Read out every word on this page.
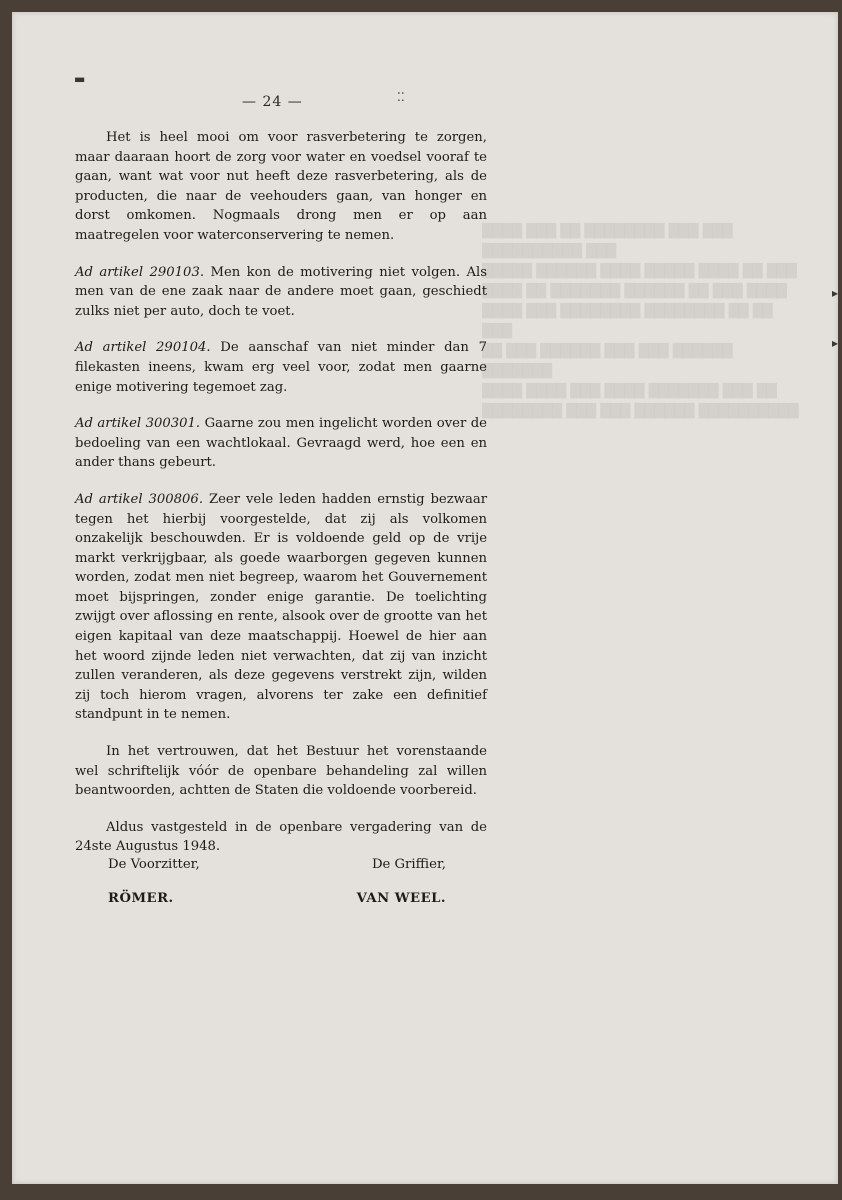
████ ███ ██ ████████ ███ ███ ██████████ ███
█████ ██████ ████ █████ ████ ██ ███
████ ██ ███████ ██████ ██ ███ ████
████ ███ ████████ ████████ ██ ██ ███
██ ███ ██████ ███ ███ ██████ ███████
████ ████ ███ ████ ███████ ███ ██
████████ ███ ███ ██████ ██████████
▬
▸
▸
⁚⁚
— 24 —

Het is heel mooi om voor rasverbetering te zorgen, maar daaraan hoort de zorg voor water en voedsel vooraf te gaan, want wat voor nut heeft deze rasverbetering, als de producten, die naar de veehouders gaan, van honger en dorst omkomen. Nogmaals drong men er op aan maatregelen voor waterconservering te nemen.

Ad artikel 290103. Men kon de motivering niet volgen. Als men van de ene zaak naar de andere moet gaan, geschiedt zulks niet per auto, doch te voet.

Ad artikel 290104. De aanschaf van niet minder dan 7 filekasten ineens, kwam erg veel voor, zodat men gaarne enige motivering tegemoet zag.

Ad artikel 300301. Gaarne zou men ingelicht worden over de bedoeling van een wachtlokaal. Gevraagd werd, hoe een en ander thans gebeurt.

Ad artikel 300806. Zeer vele leden hadden ernstig bezwaar tegen het hierbij voorgestelde, dat zij als volkomen onzakelijk beschouwden. Er is voldoende geld op de vrije markt verkrijgbaar, als goede waarborgen gegeven kunnen worden, zodat men niet begreep, waarom het Gouvernement moet bijspringen, zonder enige garantie. De toelichting zwijgt over aflossing en rente, alsook over de grootte van het eigen kapitaal van deze maatschappij. Hoewel de hier aan het woord zijnde leden niet verwachten, dat zij van inzicht zullen veranderen, als deze gegevens verstrekt zijn, wilden zij toch hierom vragen, alvorens ter zake een definitief standpunt in te nemen.

In het vertrouwen, dat het Bestuur het vorenstaande wel schriftelijk vóór de openbare behandeling zal willen beantwoorden, achtten de Staten die voldoende voorbereid.

Aldus vastgesteld in de openbare vergadering van de 24ste Augustus 1948.

De Voorzitter,	De Griffier,
RÖMER.	VAN WEEL.
